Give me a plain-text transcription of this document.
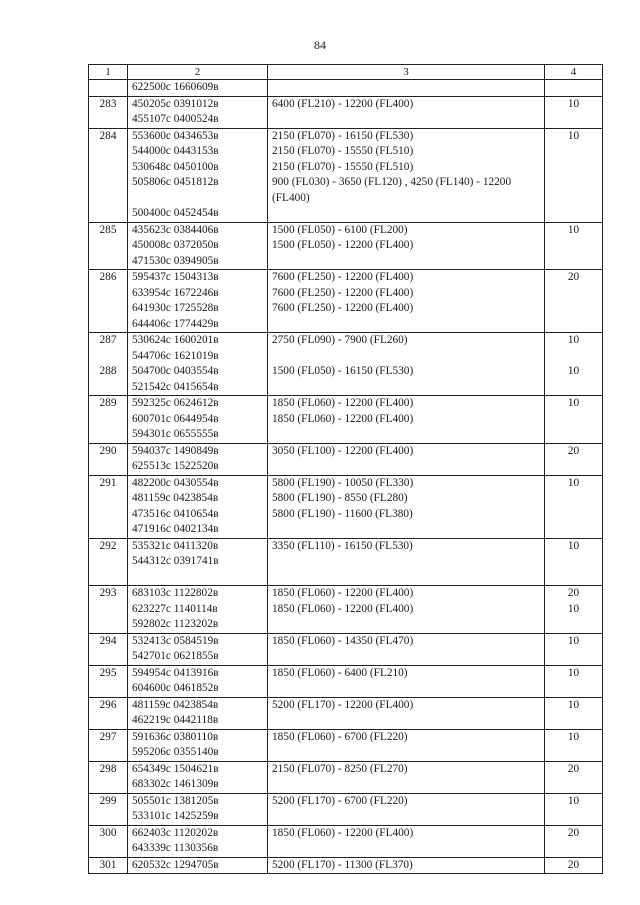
84
1	2	3	4

	622500c 1660609в		

283	450205c 0391012в
455107c 0400524в	6400 (FL210) - 12200 (FL400)	10

284	553600c 0434653в
544000c 0443153в
530648c 0450100в
505806c 0451812в
500400c 0452454в	2150 (FL070) - 16150 (FL530)
2150 (FL070) - 15550 (FL510)
2150 (FL070) - 15550 (FL510)
900 (FL030) - 3650 (FL120) , 4250 (FL140) - 12200 (FL400)	10

285	435623c 0384406в
450008c 0372050в
471530c 0394905в	1500 (FL050) - 6100 (FL200)
1500 (FL050) - 12200 (FL400)	10

286	595437c 1504313в
633954c 1672246в
641930c 1725528в
644406c 1774429в	7600 (FL250) - 12200 (FL400)
7600 (FL250) - 12200 (FL400)
7600 (FL250) - 12200 (FL400)	20

287	530624c 1600201в
544706c 1621019в	2750 (FL090) - 7900 (FL260)	10

288	504700c 0403554в
521542c 0415654в	1500 (FL050) - 16150 (FL530)	10

289	592325c 0624612в
600701c 0644954в
594301c 0655555в	1850 (FL060) - 12200 (FL400)
1850 (FL060) - 12200 (FL400)	10

290	594037c 1490849в
625513c 1522520в	3050 (FL100) - 12200 (FL400)	20

291	482200c 0430554в
481159c 0423854в
473516c 0410654в
471916c 0402134в	5800 (FL190) - 10050 (FL330)
5800 (FL190) - 8550 (FL280)
5800 (FL190) - 11600 (FL380)	10

292	535321c 0411320в
544312c 0391741в	3350 (FL110) - 16150 (FL530)	10

293	683103c 1122802в
623227c 1140114в
592802c 1123202в	1850 (FL060) - 12200 (FL400)
1850 (FL060) - 12200 (FL400)	20
10

294	532413c 0584519в
542701c 0621855в	1850 (FL060) - 14350 (FL470)	10

295	594954c 0413916в
604600c 0461852в	1850 (FL060) - 6400 (FL210)	10

296	481159c 0423854в
462219c 0442118в	5200 (FL170) - 12200 (FL400)	10

297	591636c 0380110в
595206c 0355140в	1850 (FL060) - 6700 (FL220)	10

298	654349c 1504621в
683302c 1461309в	2150 (FL070) - 8250 (FL270)	20

299	505501c 1381205в
533101c 1425259в	5200 (FL170) - 6700 (FL220)	10

300	662403c 1120202в
643339c 1130356в	1850 (FL060) - 12200 (FL400)	20

301	620532c 1294705в	5200 (FL170) - 11300 (FL370)	20
